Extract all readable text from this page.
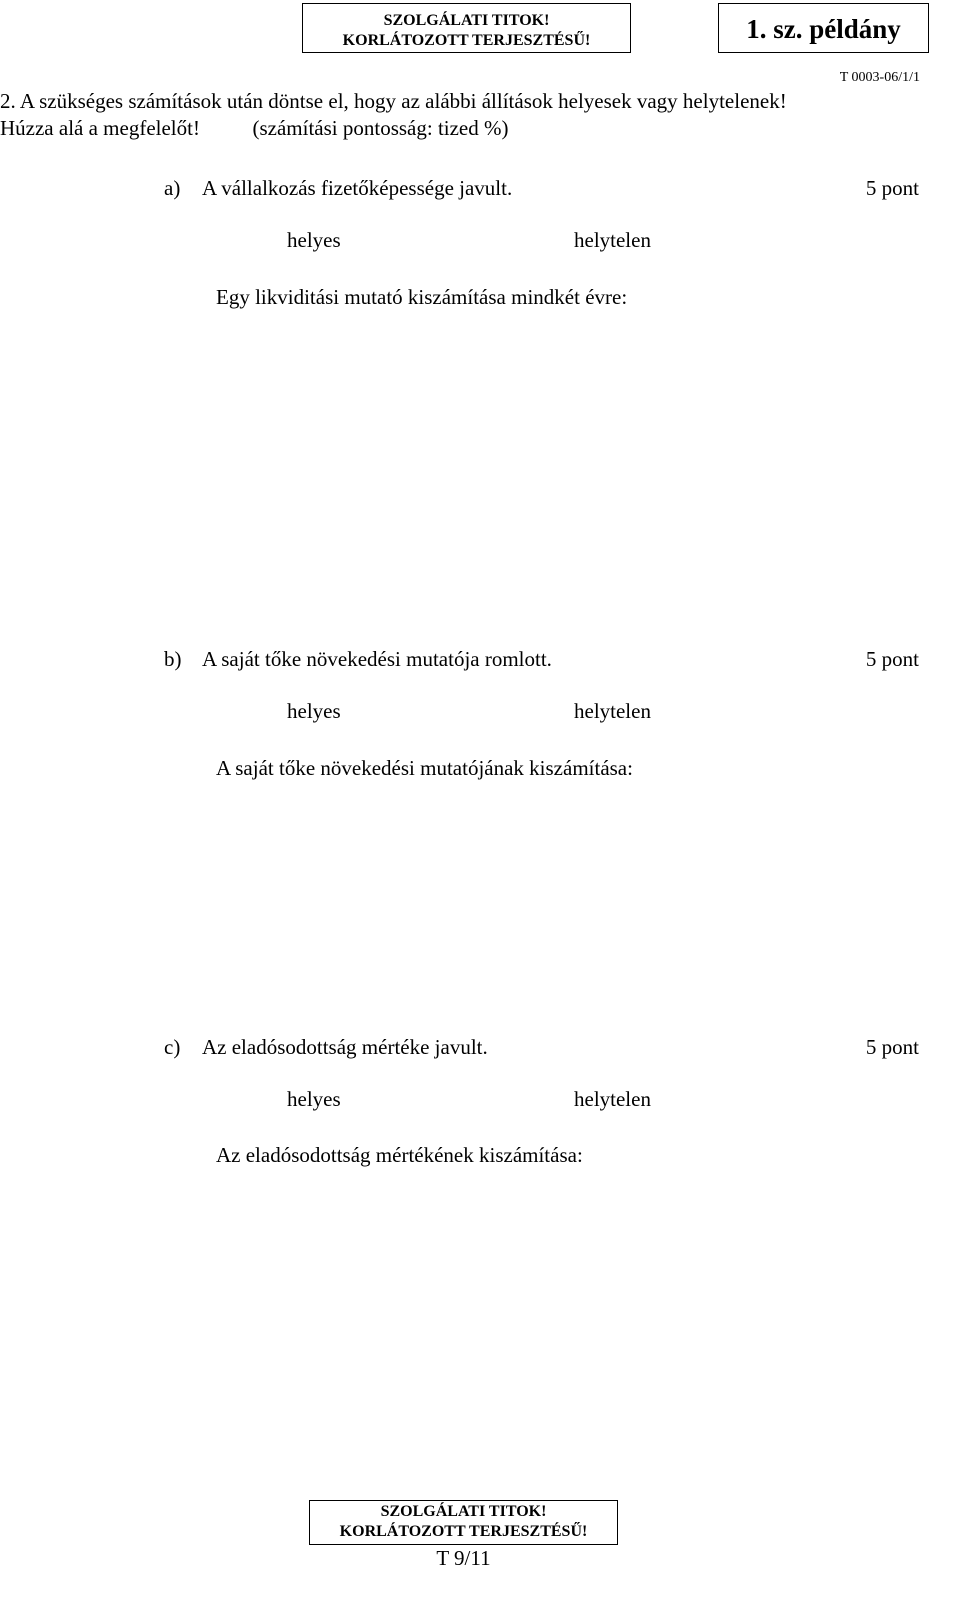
SZOLGÁLATI TITOK!
KORLÁTOZOTT TERJESZTÉSŰ!	1. sz. példány
T 0003-06/1/1
2. A szükséges számítások után döntse el, hogy az alábbi állítások helyesek vagy helytelenek!
Húzza alá a megfelelőt!	(számítási pontosság: tized %)
a) A vállalkozás fizetőképessége javult.	5 pont
helyes	helytelen
Egy likviditási mutató kiszámítása mindkét évre:
b) A saját tőke növekedési mutatója romlott.	5 pont
helyes	helytelen
A saját tőke növekedési mutatójának kiszámítása:
c) Az eladósodottság mértéke javult.	5 pont
helyes	helytelen
Az eladósodottság mértékének kiszámítása:
SZOLGÁLATI TITOK!
KORLÁTOZOTT TERJESZTÉSŰ!
T 9/11
